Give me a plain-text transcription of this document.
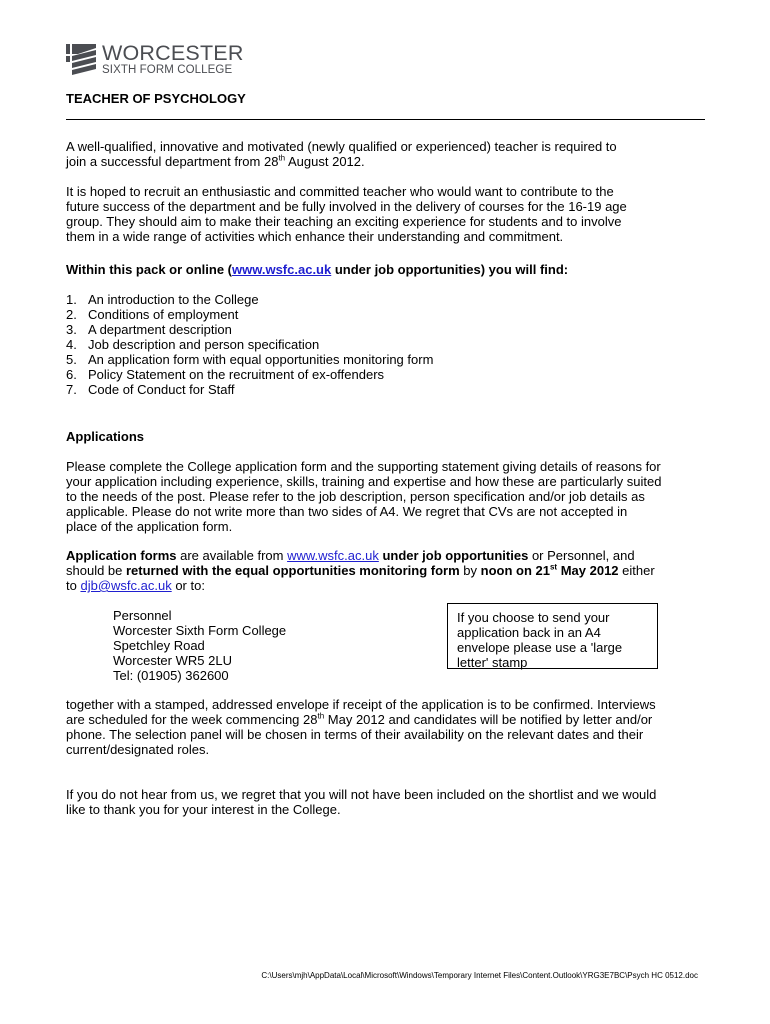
WORCESTER
SIXTH FORM COLLEGE
TEACHER OF PSYCHOLOGY
A well-qualified, innovative and motivated (newly qualified or experienced) teacher is required to
join a successful department from 28th August 2012.
It is hoped to recruit an enthusiastic and committed teacher who would want to contribute to the
future success of the department and be fully involved in the delivery of courses for the 16-19 age
group. They should aim to make their teaching an exciting experience for students and to involve
them in a wide range of activities which enhance their understanding and commitment.
Within this pack or online (www.wsfc.ac.uk under job opportunities) you will find:
1. An introduction to the College
2. Conditions of employment
3. A department description
4. Job description and person specification
5. An application form with equal opportunities monitoring form
6. Policy Statement on the recruitment of ex-offenders
7. Code of Conduct for Staff
Applications
Please complete the College application form and the supporting statement giving details of reasons for
your application including experience, skills, training and expertise and how these are particularly suited
to the needs of the post. Please refer to the job description, person specification and/or job details as
applicable. Please do not write more than two sides of A4. We regret that CVs are not accepted in
place of the application form.
Application forms are available from www.wsfc.ac.uk under job opportunities or Personnel, and
should be returned with the equal opportunities monitoring form by noon on 21st May 2012 either
to djb@wsfc.ac.uk or to:
Personnel
Worcester Sixth Form College
Spetchley Road
Worcester WR5 2LU
Tel: (01905) 362600
If you choose to send your
application back in an A4
envelope please use a 'large
letter' stamp
together with a stamped, addressed envelope if receipt of the application is to be confirmed. Interviews
are scheduled for the week commencing 28th May 2012 and candidates will be notified by letter and/or
phone. The selection panel will be chosen in terms of their availability on the relevant dates and their
current/designated roles.
If you do not hear from us, we regret that you will not have been included on the shortlist and we would
like to thank you for your interest in the College.
C:\Users\mjh\AppData\Local\Microsoft\Windows\Temporary Internet Files\Content.Outlook\YRG3E7BC\Psych HC 0512.doc
